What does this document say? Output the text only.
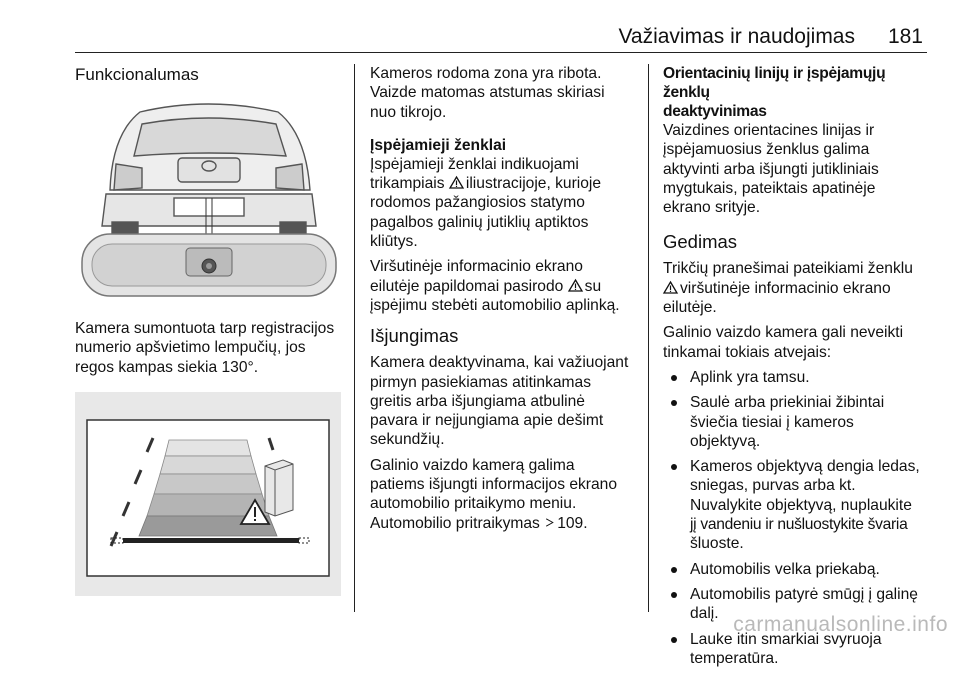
Važiavimas ir naudojimas 181
Funkcionalumas

Kamera sumontuota tarp registracijos

numerio apšvietimo lempučių, jos

regos kampas siekia 130°.

Kameros rodoma zona yra ribota.

Vaizde matomas atstumas skiriasi

nuo tikrojo.

Įspėjamieji ženklai

Įspėjamieji ženklai indikuojami

trikampiais iliustracijoje, kurioje

rodomos pažangiosios statymo

pagalbos galinių jutiklių aptiktos

kliūtys.

Viršutinėje informacinio ekrano

eilutėje papildomai pasirodo su

įspėjimu stebėti automobilio aplinką.

Išjungimas

Kamera deaktyvinama, kai važiuojant

pirmyn pasiekiamas atitinkamas

greitis arba išjungiama atbulinė

pavara ir neįjungiama apie dešimt

sekundžių.

Galinio vaizdo kamerą galima

patiems išjungti informacijos ekrano

automobilio pritaikymo meniu.

Automobilio pritraikymas 109.

Orientacinių linijų ir įspėjamųjų ženklų
deaktyvinimas

Vaizdines orientacines linijas ir

įspėjamuosius ženklus galima

aktyvinti arba išjungti jutikliniais

mygtukais, pateiktais apatinėje

ekrano srityje.

Gedimas

Trikčių pranešimai pateikiami ženklu

viršutinėje informacinio ekrano

eilutėje.

Galinio vaizdo kamera gali neveikti

tinkamai tokiais atvejais:

Aplink yra tamsu.
Saulė arba priekiniai žibintai
šviečia tiesiai į kameros
objektyvą.
Kameros objektyvą dengia ledas,
sniegas, purvas arba kt.
Nuvalykite objektyvą, nuplaukite
jį vandeniu ir nušluostykite švaria
šluoste.
Automobilis velka priekabą.
Automobilis patyrė smūgį į galinę
dalį.
Lauke itin smarkiai svyruoja
temperatūra.
carmanualsonline.info
